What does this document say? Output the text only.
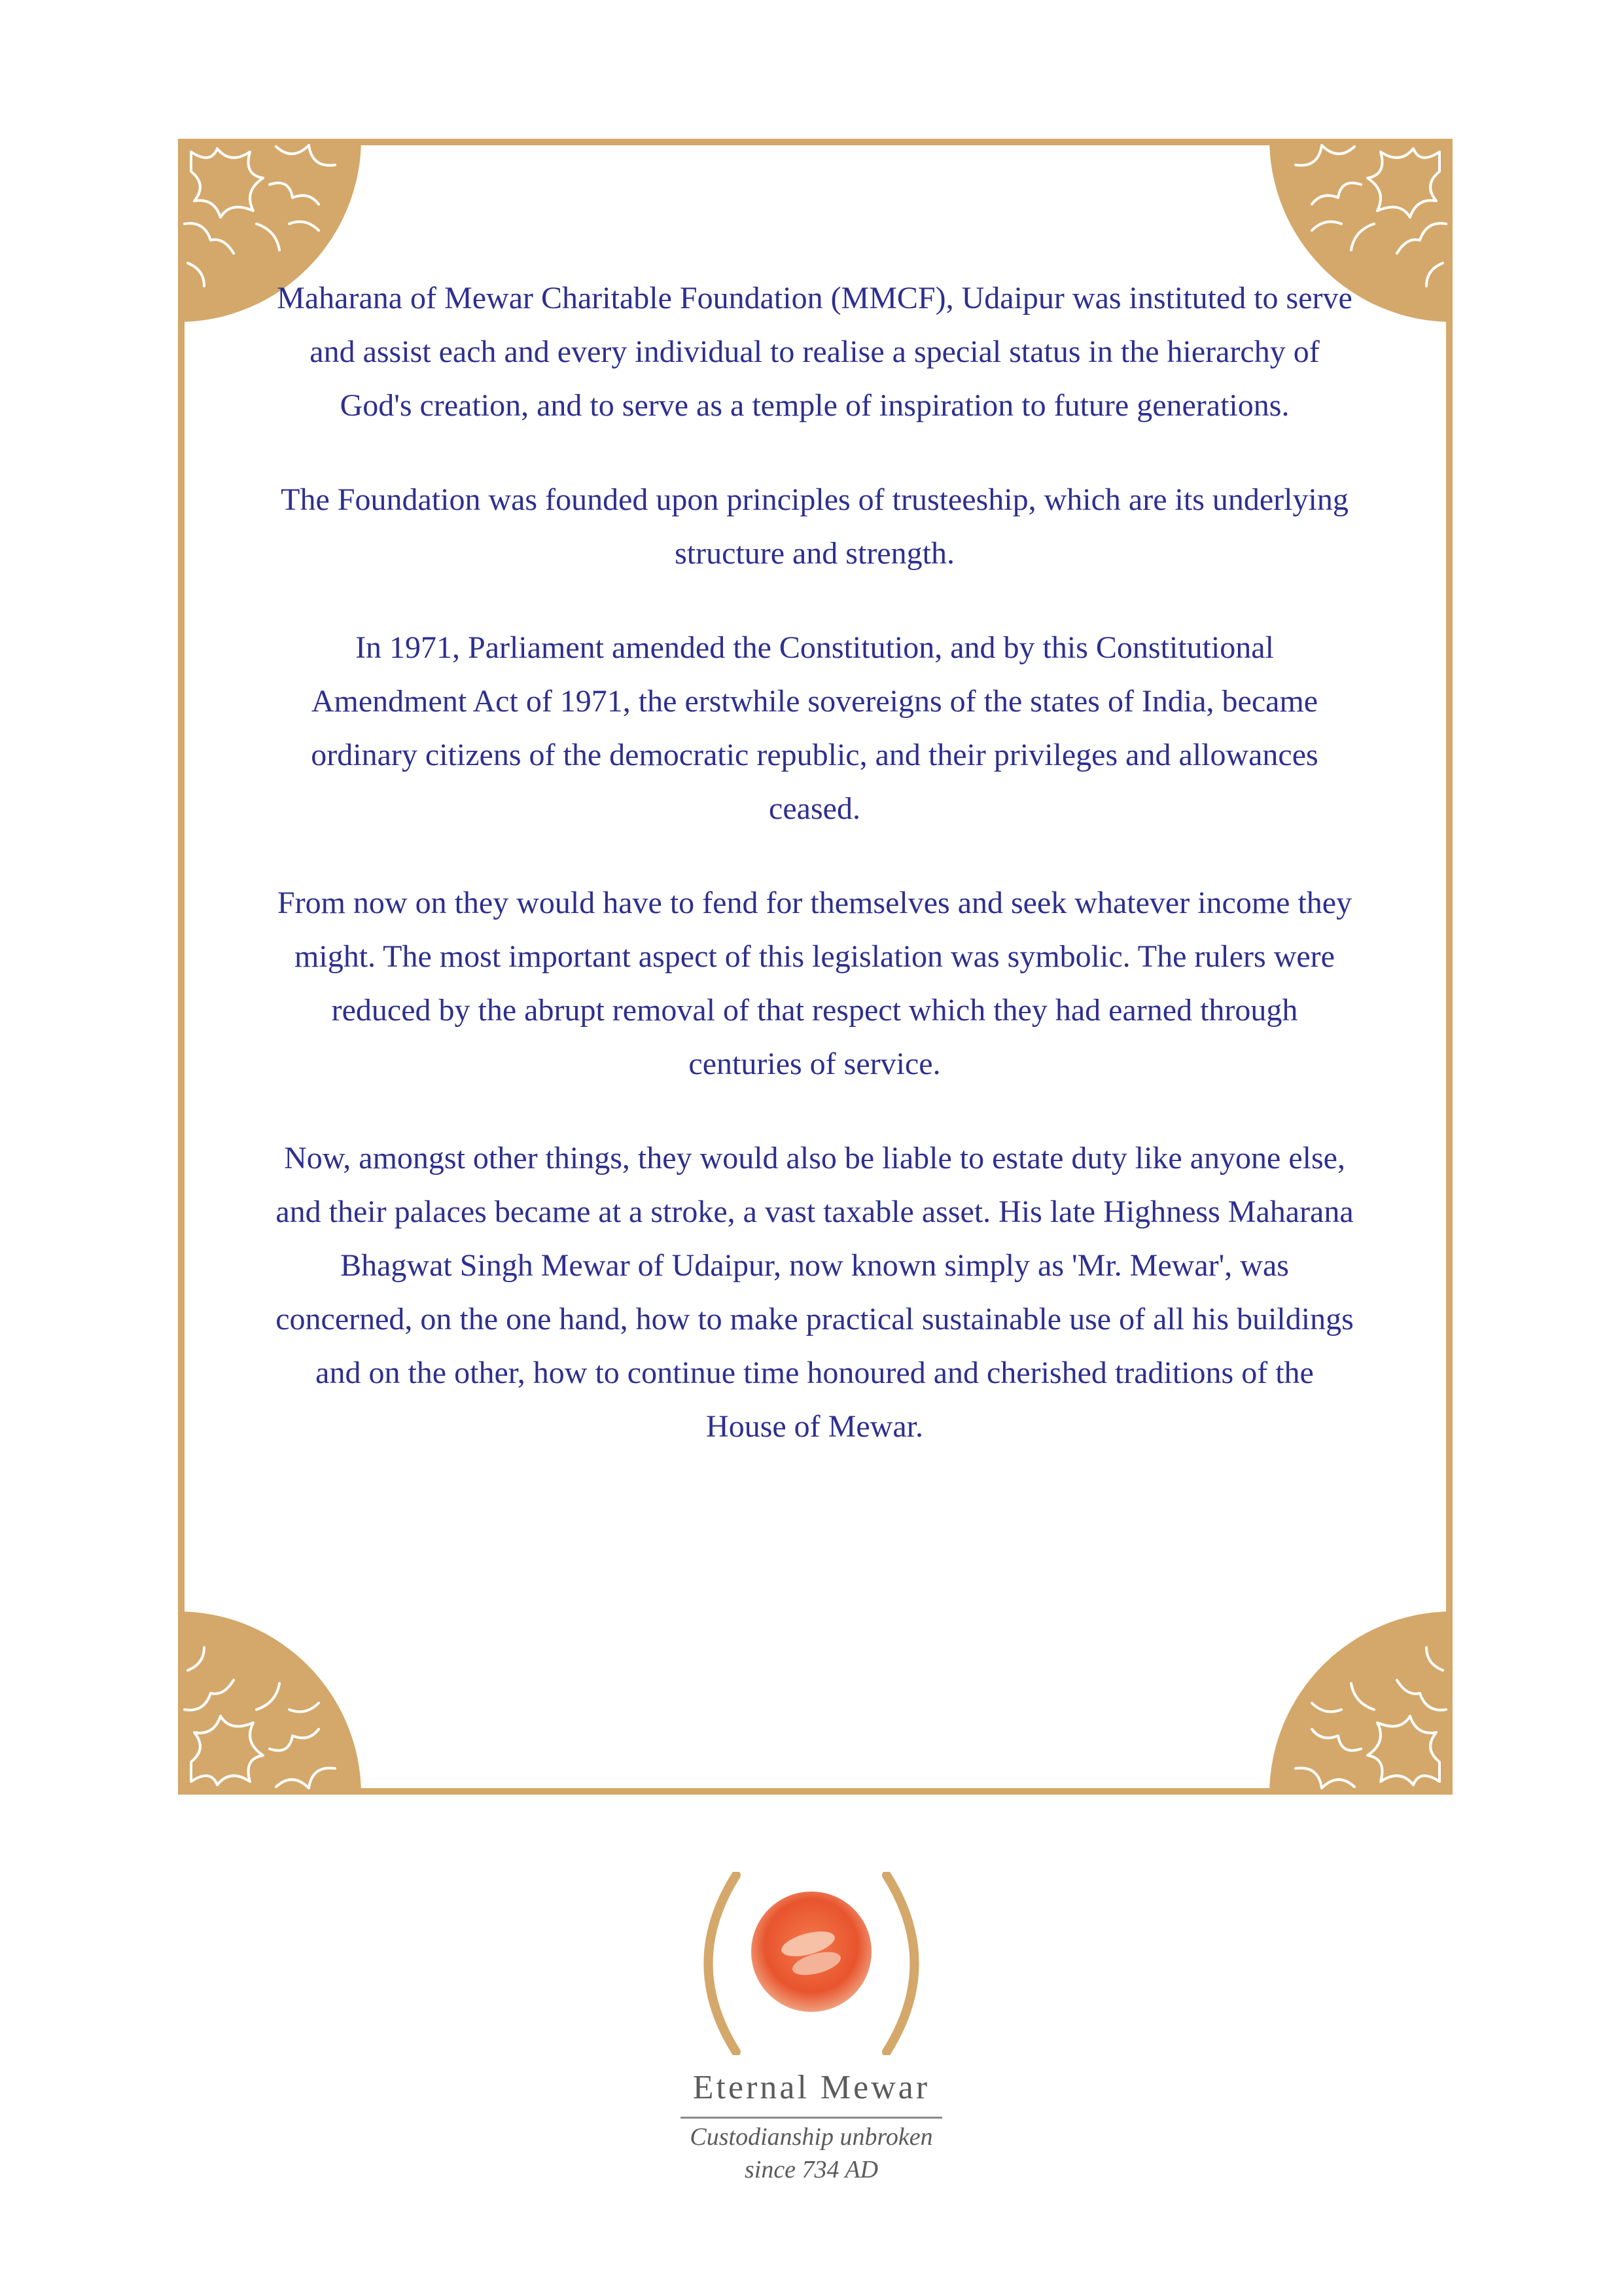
Maharana of Mewar Charitable Foundation (MMCF), Udaipur was instituted to serve and assist each and every individual to realise a special status in the hierarchy of God's creation, and to serve as a temple of inspiration to future generations.

The Foundation was founded upon principles of trusteeship, which are its underlying structure and strength.

In 1971, Parliament amended the Constitution, and by this Constitutional Amendment Act of 1971, the erstwhile sovereigns of the states of India, became ordinary citizens of the democratic republic, and their privileges and allowances ceased.

From now on they would have to fend for themselves and seek whatever income they might. The most important aspect of this legislation was symbolic. The rulers were reduced by the abrupt removal of that respect which they had earned through centuries of service.

Now, amongst other things, they would also be liable to estate duty like anyone else, and their palaces became at a stroke, a vast taxable asset. His late Highness Maharana Bhagwat Singh Mewar of Udaipur, now known simply as 'Mr. Mewar', was concerned, on the one hand, how to make practical sustainable use of all his buildings and on the other, how to continue time honoured and cherished traditions of the House of Mewar.

Eternal Mewar
Custodianship unbroken
since 734 AD
